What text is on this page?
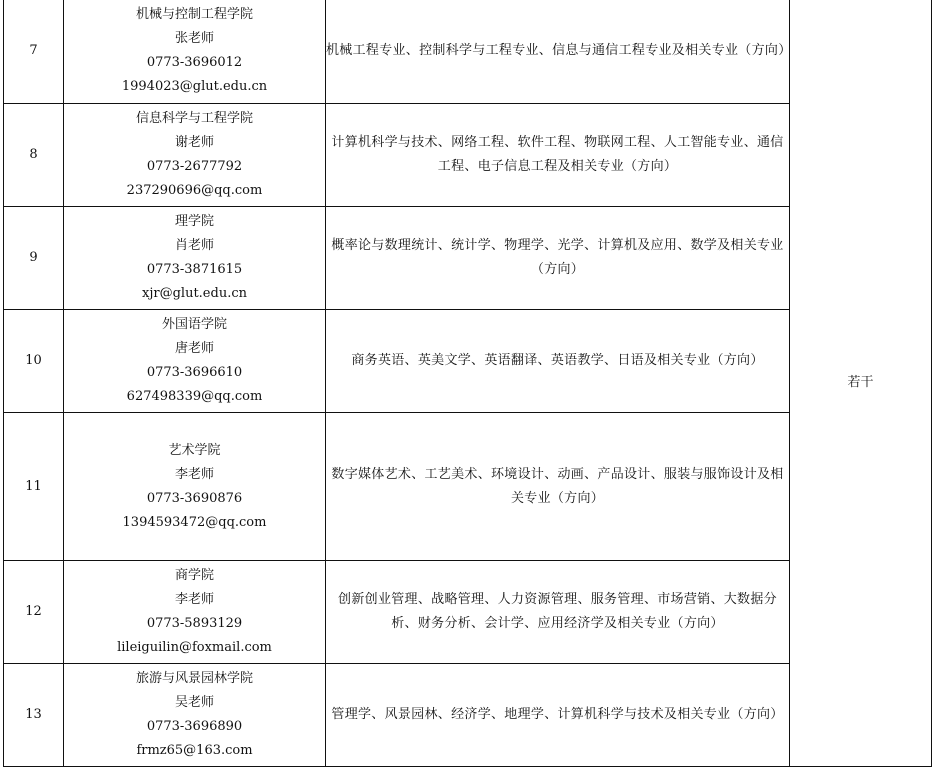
7	机械与控制工程学院
张老师
0773-3696012
1994023@glut.edu.cn	机械工程专业、控制科学与工程专业、信息与通信工程专业及相关专业（方向）	若干

8	信息科学与工程学院
谢老师
0773-2677792
237290696@qq.com	计算机科学与技术、网络工程、软件工程、物联网工程、人工智能专业、通信工程、电子信息工程及相关专业（方向）	

9	理学院
肖老师
0773-3871615
xjr@glut.edu.cn	概率论与数理统计、统计学、物理学、光学、计算机及应用、数学及相关专业（方向）	

10	外国语学院
唐老师
0773-3696610
627498339@qq.com	商务英语、英美文学、英语翻译、英语教学、日语及相关专业（方向）	

11	艺术学院
李老师
0773-3690876
1394593472@qq.com	数字媒体艺术、工艺美术、环境设计、动画、产品设计、服装与服饰设计及相关专业（方向）	

12	商学院
李老师
0773-5893129
lileiguilin@foxmail.com	创新创业管理、战略管理、人力资源管理、服务管理、市场营销、大数据分析、财务分析、会计学、应用经济学及相关专业（方向）	

13	旅游与风景园林学院
吴老师
0773-3696890
frmz65@163.com	管理学、风景园林、经济学、地理学、计算机科学与技术及相关专业（方向）	
